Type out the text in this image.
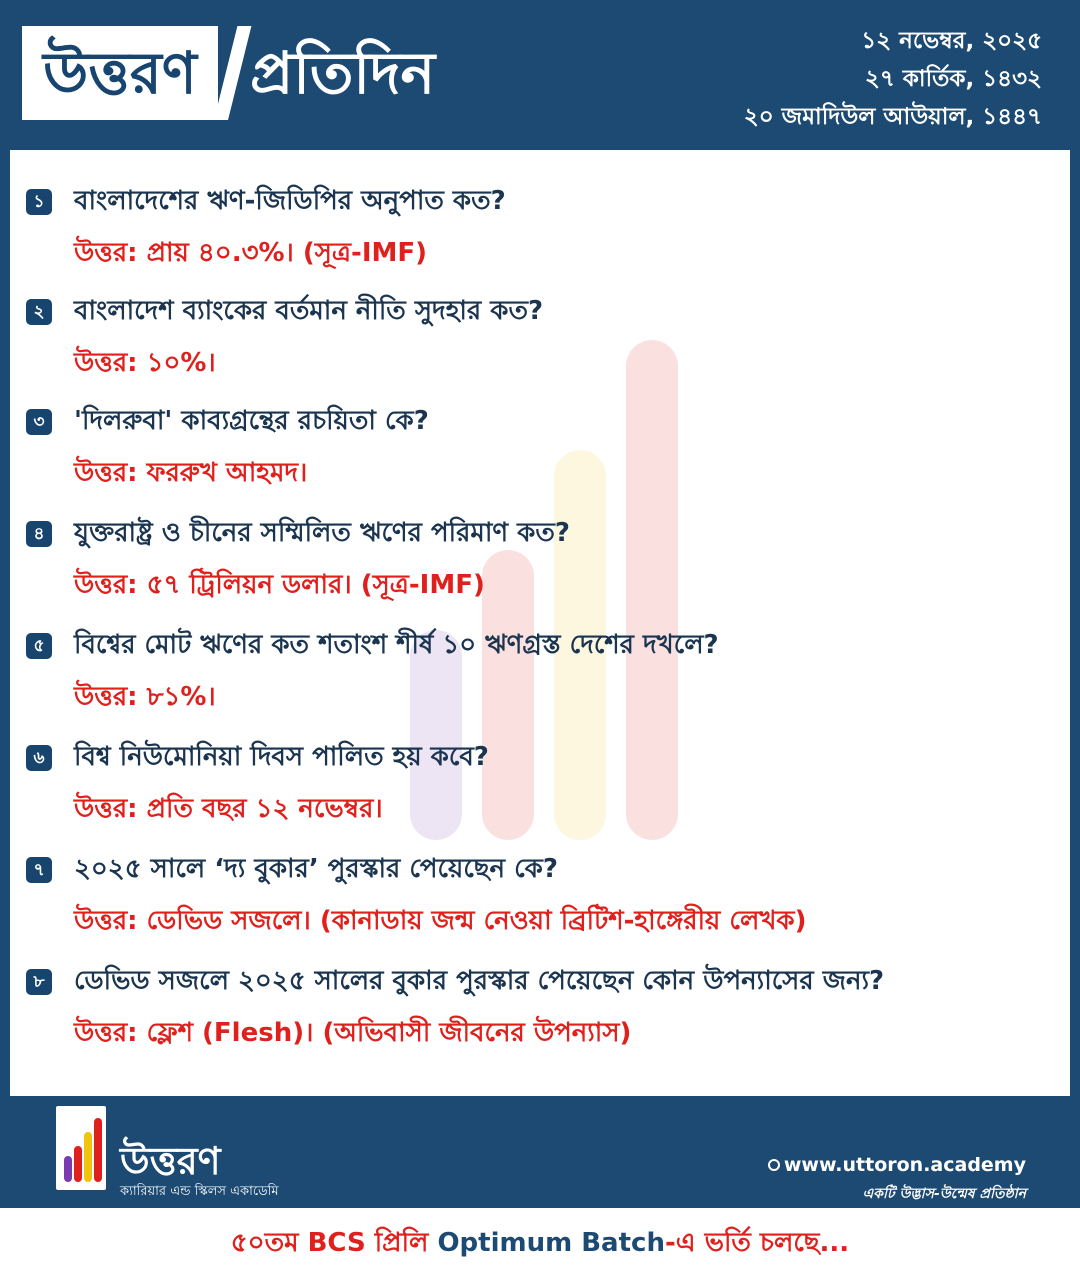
উত্তরণ প্রতিদিন	১২ নভেম্বর, ২০২৫
২৭ কার্তিক, ১৪৩২
২০ জমাদিউল আউয়াল, ১৪৪৭
১ বাংলাদেশের ঋণ-জিডিপির অনুপাত কত?
উত্তর: প্রায় ৪০.৩%। (সূত্র-IMF)
২ বাংলাদেশ ব্যাংকের বর্তমান নীতি সুদহার কত?
উত্তর: ১০%।
৩ 'দিলরুবা' কাব্যগ্রন্থের রচয়িতা কে?
উত্তর: ফররুখ আহমদ।
৪ যুক্তরাষ্ট্র ও চীনের সম্মিলিত ঋণের পরিমাণ কত?
উত্তর: ৫৭ ট্রিলিয়ন ডলার। (সূত্র-IMF)
৫ বিশ্বের মোট ঋণের কত শতাংশ শীর্ষ ১০ ঋণগ্রস্ত দেশের দখলে?
উত্তর: ৮১%।
৬ বিশ্ব নিউমোনিয়া দিবস পালিত হয় কবে?
উত্তর: প্রতি বছর ১২ নভেম্বর।
৭ ২০২৫ সালে ‘দ্য বুকার’ পুরস্কার পেয়েছেন কে?
উত্তর: ডেভিড সজলে। (কানাডায় জন্ম নেওয়া ব্রিটিশ-হাঙ্গেরীয় লেখক)
৮ ডেভিড সজলে ২০২৫ সালের বুকার পুরস্কার পেয়েছেন কোন উপন্যাসের জন্য?
উত্তর: ফ্লেশ (Flesh)। (অভিবাসী জীবনের উপন্যাস)
উত্তরণ
ক্যারিয়ার এন্ড স্কিলস একাডেমি
www.uttoron.academy
একটি উদ্ভাস-উন্মেষ প্রতিষ্ঠান
৫০তম BCS প্রিলি Optimum Batch-এ ভর্তি চলছে...
